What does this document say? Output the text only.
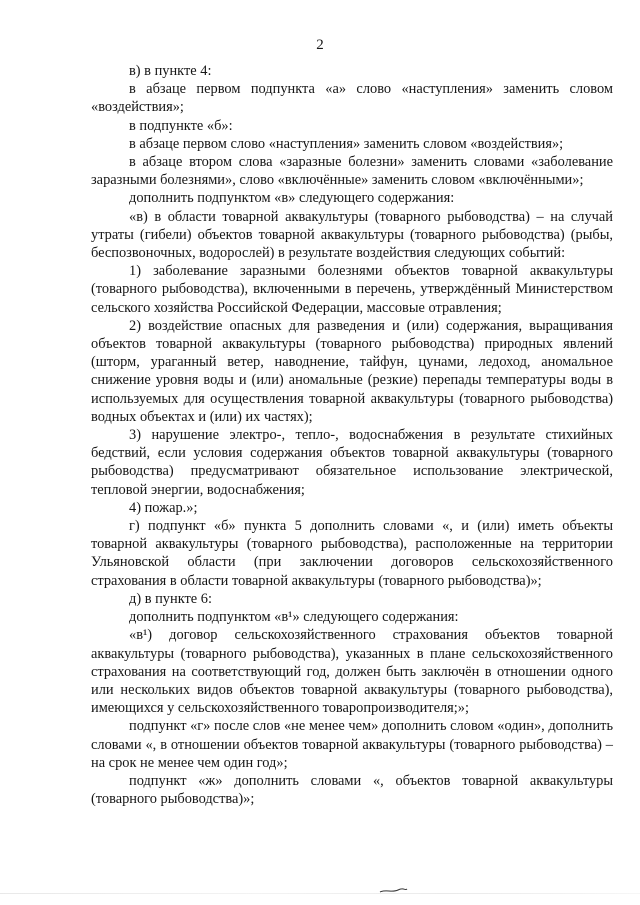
2

в) в пункте 4:

в абзаце первом подпункта «а» слово «наступления» заменить словом «воздействия»;

в подпункте «б»:

в абзаце первом слово «наступления» заменить словом «воздействия»;

в абзаце втором слова «заразные болезни» заменить словами «заболевание заразными болезнями», слово «включённые» заменить словом «включёнными»;

дополнить подпунктом «в» следующего содержания:

«в) в области товарной аквакультуры (товарного рыбоводства) – на случай утраты (гибели) объектов товарной аквакультуры (товарного рыбоводства) (рыбы, беспозвоночных, водорослей) в результате воздействия следующих событий:

1) заболевание заразными болезнями объектов товарной аквакультуры (товарного рыбоводства), включенными в перечень, утверждённый Министерством сельского хозяйства Российской Федерации, массовые отравления;

2) воздействие опасных для разведения и (или) содержания, выращивания объектов товарной аквакультуры (товарного рыбоводства) природных явлений (шторм, ураганный ветер, наводнение, тайфун, цунами, ледоход, аномальное снижение уровня воды и (или) аномальные (резкие) перепады температуры воды в используемых для осуществления товарной аквакультуры (товарного рыбоводства) водных объектах и (или) их частях);

3) нарушение электро-, тепло-, водоснабжения в результате стихийных бедствий, если условия содержания объектов товарной аквакультуры (товарного рыбоводства) предусматривают обязательное использование электрической, тепловой энергии, водоснабжения;

4) пожар.»;

г) подпункт «б» пункта 5 дополнить словами «, и (или) иметь объекты товарной аквакультуры (товарного рыбоводства), расположенные на территории Ульяновской области (при заключении договоров сельскохозяйственного страхования в области товарной аквакультуры (товарного рыбоводства)»;

д) в пункте 6:

дополнить подпунктом «в¹» следующего содержания:

«в¹) договор сельскохозяйственного страхования объектов товарной аквакультуры (товарного рыбоводства), указанных в плане сельскохозяйственного страхования на соответствующий год, должен быть заключён в отношении одного или нескольких видов объектов товарной аквакультуры (товарного рыбоводства), имеющихся у сельскохозяйственного товаропроизводителя;»;

подпункт «г» после слов «не менее чем» дополнить словом «один», дополнить словами «, в отношении объектов товарной аквакультуры (товарного рыбоводства) – на срок не менее чем один год»;

подпункт «ж» дополнить словами «, объектов товарной аквакультуры (товарного рыбоводства)»;
